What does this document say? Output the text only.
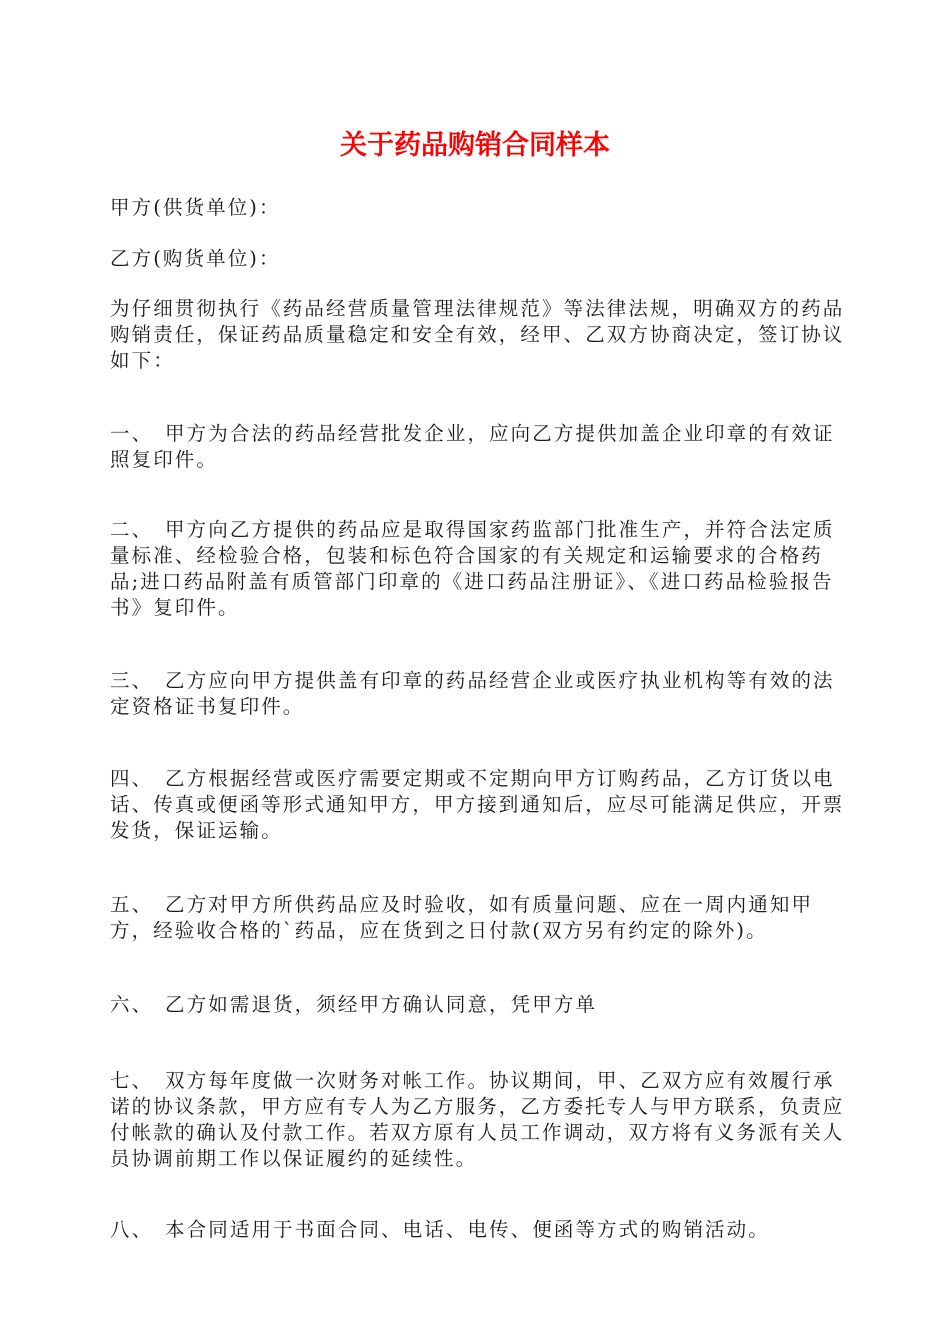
关于药品购销合同样本

甲方(供货单位)：

乙方(购货单位)：

为仔细贯彻执行《药品经营质量管理法律规范》等法律法规，明确双方的药品购销责任，保证药品质量稳定和安全有效，经甲、乙双方协商决定，签订协议如下：

一、　甲方为合法的药品经营批发企业，应向乙方提供加盖企业印章的有效证照复印件。

二、　甲方向乙方提供的药品应是取得国家药监部门批准生产，并符合法定质量标准、经检验合格，包装和标色符合国家的有关规定和运输要求的合格药品;进口药品附盖有质管部门印章的《进口药品注册证》、《进口药品检验报告书》复印件。

三、　乙方应向甲方提供盖有印章的药品经营企业或医疗执业机构等有效的法定资格证书复印件。

四、　乙方根据经营或医疗需要定期或不定期向甲方订购药品，乙方订货以电话、传真或便函等形式通知甲方，甲方接到通知后，应尽可能满足供应，开票发货，保证运输。

五、　乙方对甲方所供药品应及时验收，如有质量问题、应在一周内通知甲方，经验收合格的`药品，应在货到之日付款(双方另有约定的除外)。

六、　乙方如需退货，须经甲方确认同意，凭甲方单

七、　双方每年度做一次财务对帐工作。协议期间，甲、乙双方应有效履行承诺的协议条款，甲方应有专人为乙方服务，乙方委托专人与甲方联系，负责应付帐款的确认及付款工作。若双方原有人员工作调动，双方将有义务派有关人员协调前期工作以保证履约的延续性。

八、　本合同适用于书面合同、电话、电传、便函等方式的购销活动。
